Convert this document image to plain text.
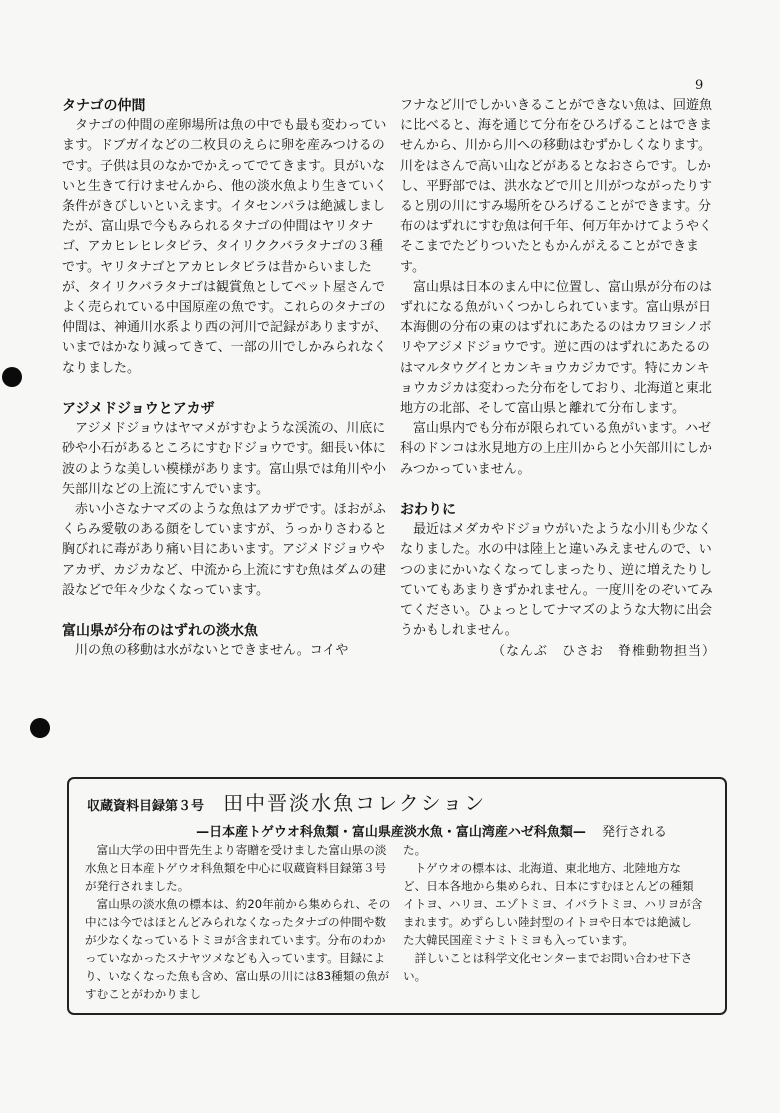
9
タナゴの仲間

タナゴの仲間の産卵場所は魚の中でも最も変わっています。ドブガイなどの二枚貝のえらに卵を産みつけるのです。子供は貝のなかでかえってでてきます。貝がいないと生きて行けませんから、他の淡水魚より生きていく条件がきびしいといえます。イタセンパラは絶滅しましたが、富山県で今もみられるタナゴの仲間はヤリタナゴ、アカヒレヒレタビラ、タイリククバラタナゴの３種です。ヤリタナゴとアカヒレタビラは昔からいましたが、タイリクバラタナゴは観賞魚としてペット屋さんでよく売られている中国原産の魚です。これらのタナゴの仲間は、神通川水系より西の河川で記録がありますが、いまではかなり減ってきて、一部の川でしかみられなくなりました。

アジメドジョウとアカザ

アジメドジョウはヤマメがすむような渓流の、川底に砂や小石があるところにすむドジョウです。細長い体に波のような美しい模様があります。富山県では角川や小矢部川などの上流にすんでいます。

赤い小さなナマズのような魚はアカザです。ほおがふくらみ愛敬のある顔をしていますが、うっかりさわると胸びれに毒があり痛い目にあいます。アジメドジョウやアカザ、カジカなど、中流から上流にすむ魚はダムの建設などで年々少なくなっています。

富山県が分布のはずれの淡水魚

川の魚の移動は水がないとできません。コイや

フナなど川でしかいきることができない魚は、回遊魚に比べると、海を通じて分布をひろげることはできませんから、川から川への移動はむずかしくなります。川をはさんで高い山などがあるとなおさらです。しかし、平野部では、洪水などで川と川がつながったりすると別の川にすみ場所をひろげることができます。分布のはずれにすむ魚は何千年、何万年かけてようやくそこまでたどりついたともかんがえることができます。

富山県は日本のまん中に位置し、富山県が分布のはずれになる魚がいくつかしられています。富山県が日本海側の分布の東のはずれにあたるのはカワヨシノボリやアジメドジョウです。逆に西のはずれにあたるのはマルタウグイとカンキョウカジカです。特にカンキョウカジカは変わった分布をしており、北海道と東北地方の北部、そして富山県と離れて分布します。

富山県内でも分布が限られている魚がいます。ハゼ科のドンコは氷見地方の上庄川からと小矢部川にしかみつかっていません。

おわりに

最近はメダカやドジョウがいたような小川も少なくなりました。水の中は陸上と違いみえませんので、いつのまにかいなくなってしまったり、逆に増えたりしていてもあまりきずかれません。一度川をのぞいてみてください。ひょっとしてナマズのような大物に出会うかもしれません。

（なんぶ　ひさお　脊椎動物担当）

収蔵資料目録第３号 田中晋淡水魚コレクション
—日本産トゲウオ科魚類・富山県産淡水魚・富山湾産ハゼ科魚類— 発行される

富山大学の田中晋先生より寄贈を受けました富山県の淡水魚と日本産トゲウオ科魚類を中心に収蔵資料目録第３号が発行されました。

富山県の淡水魚の標本は、約20年前から集められ、その中には今ではほとんどみられなくなったタナゴの仲間や数が少なくなっているトミヨが含まれています。分布のわかっていなかったスナヤツメなども入っています。目録により、いなくなった魚も含め、富山県の川には83種類の魚がすむことがわかりまし

た。

トゲウオの標本は、北海道、東北地方、北陸地方など、日本各地から集められ、日本にすむほとんどの種類イトヨ、ハリヨ、エゾトミヨ、イバラトミヨ、ハリヨが含まれます。めずらしい陸封型のイトヨや日本では絶滅した大韓民国産ミナミトミヨも入っています。

詳しいことは科学文化センターまでお問い合わせ下さい。
